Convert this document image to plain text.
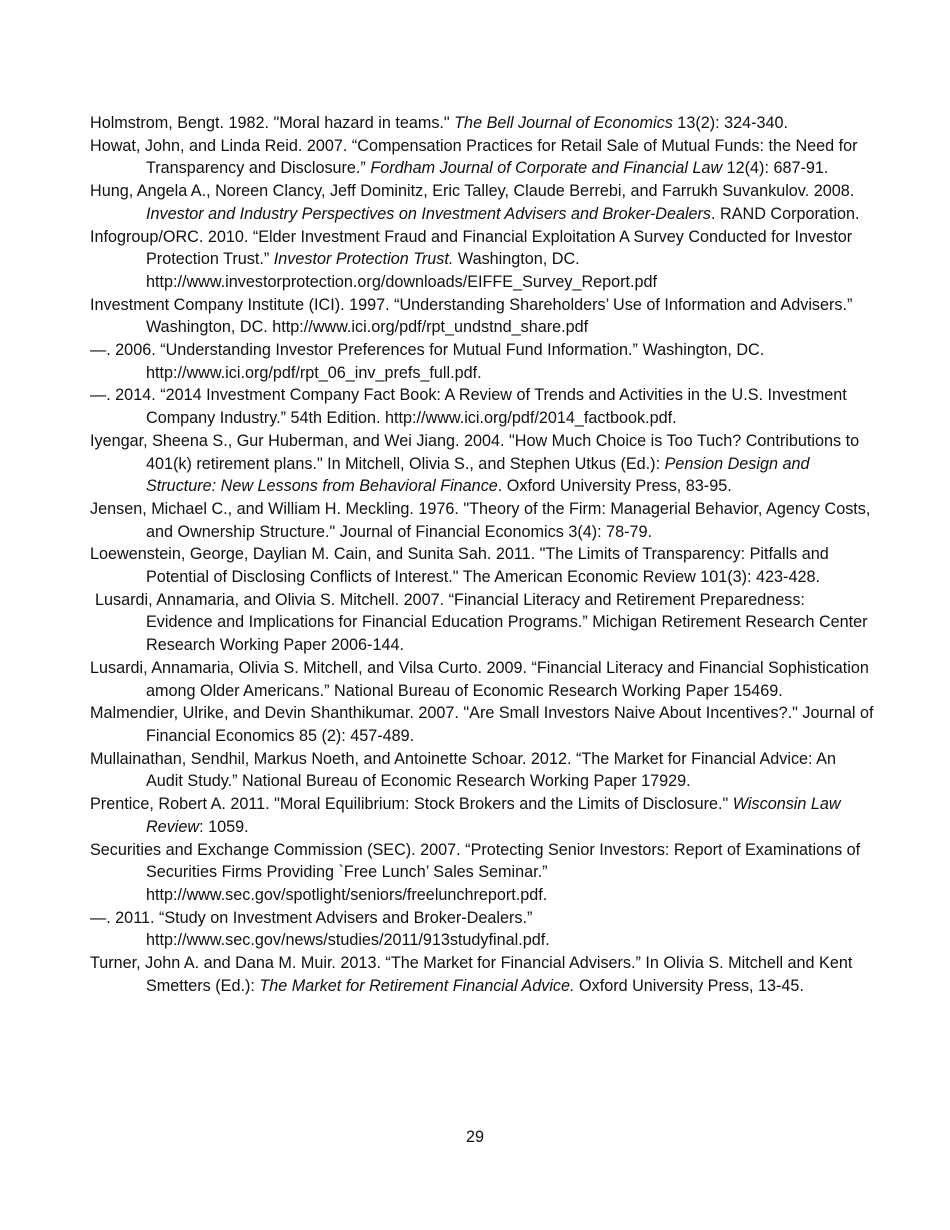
Holmstrom, Bengt. 1982. "Moral hazard in teams." The Bell Journal of Economics 13(2): 324-340.

Howat, John, and Linda Reid. 2007. “Compensation Practices for Retail Sale of Mutual Funds: the Need for Transparency and Disclosure.” Fordham Journal of Corporate and Financial Law 12(4): 687-91.

Hung, Angela A., Noreen Clancy, Jeff Dominitz, Eric Talley, Claude Berrebi, and Farrukh Suvankulov. 2008. Investor and Industry Perspectives on Investment Advisers and Broker-Dealers. RAND Corporation.

Infogroup/ORC. 2010. “Elder Investment Fraud and Financial Exploitation A Survey Conducted for Investor Protection Trust.” Investor Protection Trust. Washington, DC. http://www.investorprotection.org/downloads/EIFFE_Survey_Report.pdf

Investment Company Institute (ICI). 1997. “Understanding Shareholders’ Use of Information and Advisers.” Washington, DC. http://www.ici.org/pdf/rpt_undstnd_share.pdf

—. 2006. “Understanding Investor Preferences for Mutual Fund Information.” Washington, DC. http://www.ici.org/pdf/rpt_06_inv_prefs_full.pdf.

—. 2014. “2014 Investment Company Fact Book: A Review of Trends and Activities in the U.S. Investment Company Industry.” 54th Edition. http://www.ici.org/pdf/2014_factbook.pdf.

Iyengar, Sheena S., Gur Huberman, and Wei Jiang. 2004. "How Much Choice is Too Tuch? Contributions to 401(k) retirement plans." In Mitchell, Olivia S., and Stephen Utkus (Ed.): Pension Design and Structure: New Lessons from Behavioral Finance. Oxford University Press, 83-95.

Jensen, Michael C., and William H. Meckling. 1976. "Theory of the Firm: Managerial Behavior, Agency Costs, and Ownership Structure." Journal of Financial Economics 3(4): 78-79.

Loewenstein, George, Daylian M. Cain, and Sunita Sah. 2011. "The Limits of Transparency: Pitfalls and Potential of Disclosing Conflicts of Interest." The American Economic Review 101(3): 423-428.

Lusardi, Annamaria, and Olivia S. Mitchell. 2007. “Financial Literacy and Retirement Preparedness: Evidence and Implications for Financial Education Programs.” Michigan Retirement Research Center Research Working Paper 2006-144.

Lusardi, Annamaria, Olivia S. Mitchell, and Vilsa Curto. 2009. “Financial Literacy and Financial Sophistication among Older Americans.” National Bureau of Economic Research Working Paper 15469.

Malmendier, Ulrike, and Devin Shanthikumar. 2007. "Are Small Investors Naive About Incentives?." Journal of Financial Economics 85 (2): 457-489.

Mullainathan, Sendhil, Markus Noeth, and Antoinette Schoar. 2012. “The Market for Financial Advice: An Audit Study.” National Bureau of Economic Research Working Paper 17929.

Prentice, Robert A. 2011. "Moral Equilibrium: Stock Brokers and the Limits of Disclosure." Wisconsin Law Review: 1059.

Securities and Exchange Commission (SEC). 2007. “Protecting Senior Investors: Report of Examinations of Securities Firms Providing `Free Lunch’ Sales Seminar.” http://www.sec.gov/spotlight/seniors/freelunchreport.pdf.

—. 2011. “Study on Investment Advisers and Broker-Dealers.” http://www.sec.gov/news/studies/2011/913studyfinal.pdf.

Turner, John A. and Dana M. Muir. 2013. “The Market for Financial Advisers.” In Olivia S. Mitchell and Kent Smetters (Ed.): The Market for Retirement Financial Advice. Oxford University Press, 13-45.

29
